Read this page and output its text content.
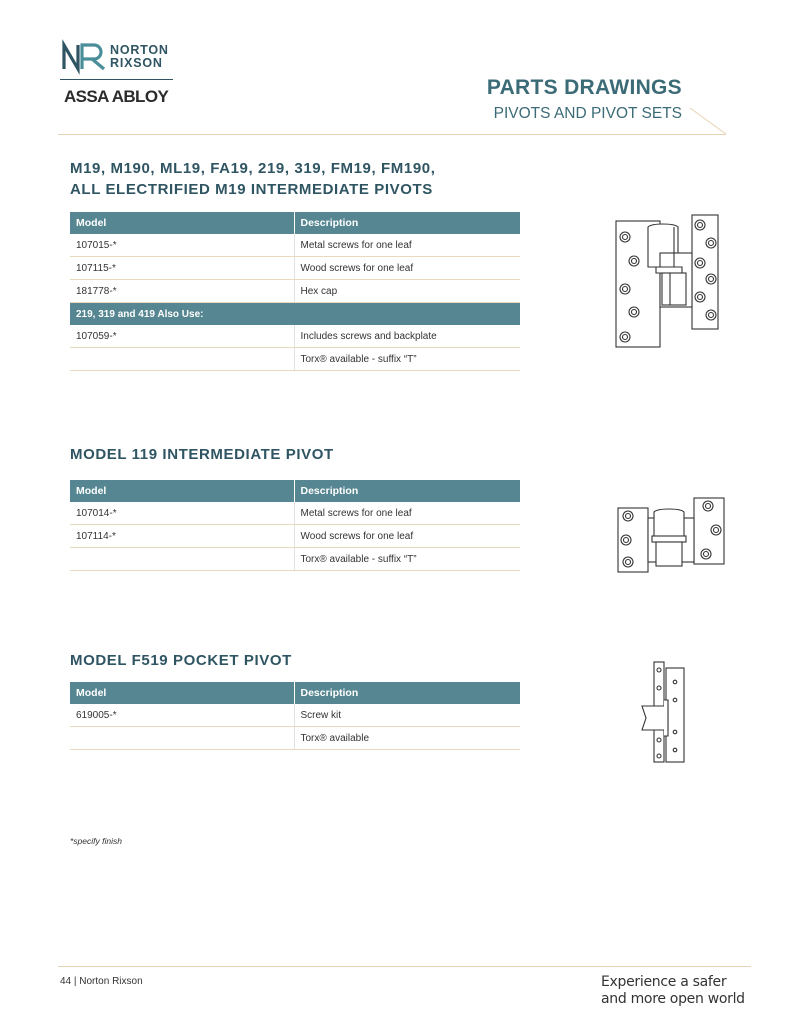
NORTON
RIXSON
ASSA ABLOY	PARTS DRAWINGS
PIVOTS AND PIVOT SETS
M19, M190, ML19, FA19, 219, 319, FM19, FM190,
ALL ELECTRIFIED M19 INTERMEDIATE PIVOTS
Model	Description
107015-*	Metal screws for one leaf
107115-*	Wood screws for one leaf
181778-*	Hex cap
219, 319 and 419 Also Use:	
107059-*	Includes screws and backplate
	Torx® available - suffix “T”
MODEL 119 INTERMEDIATE PIVOT
Model	Description
107014-*	Metal screws for one leaf
107114-*	Wood screws for one leaf
	Torx® available - suffix “T”
MODEL F519 POCKET PIVOT
Model	Description
619005-*	Screw kit
	Torx® available
*specify finish
44 | Norton Rixson	Experience a safer
and more open world
